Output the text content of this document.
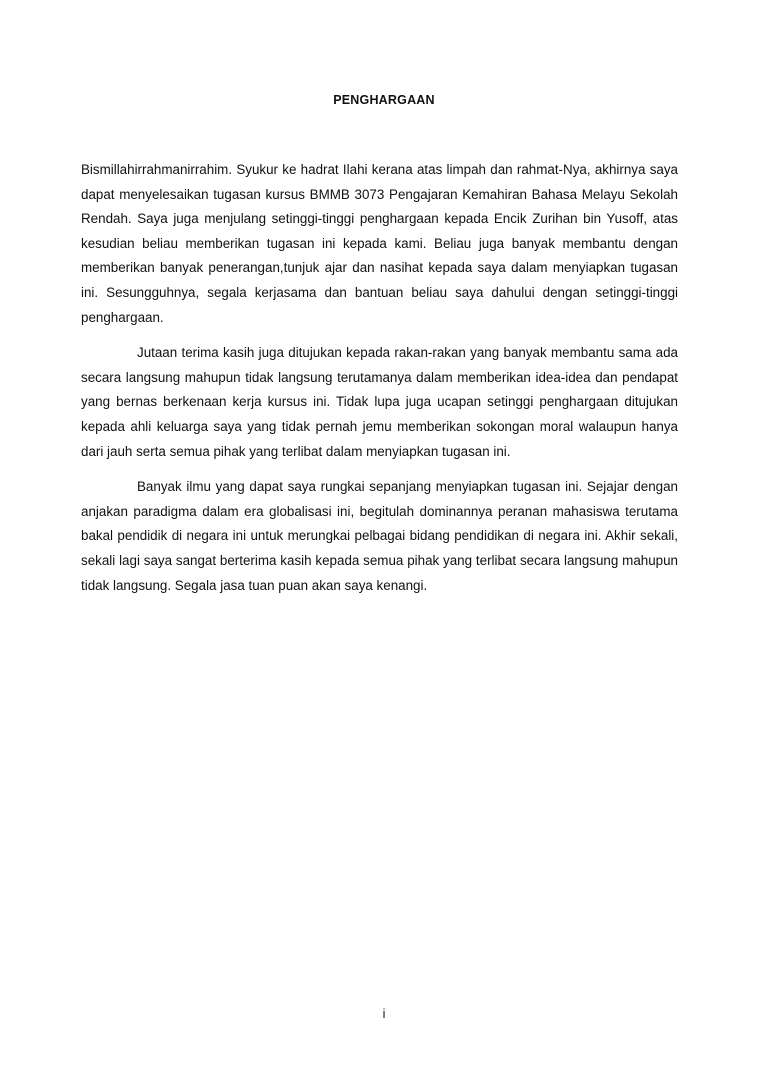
PENGHARGAAN

Bismillahirrahmanirrahim. Syukur ke hadrat Ilahi kerana atas limpah dan rahmat-Nya, akhirnya saya dapat menyelesaikan tugasan kursus BMMB 3073 Pengajaran Kemahiran Bahasa Melayu Sekolah Rendah. Saya juga menjulang setinggi-tinggi penghargaan kepada Encik Zurihan bin Yusoff, atas kesudian beliau memberikan tugasan ini kepada kami. Beliau juga banyak membantu dengan memberikan banyak penerangan,tunjuk ajar dan nasihat kepada saya dalam menyiapkan tugasan ini. Sesungguhnya, segala kerjasama dan bantuan beliau saya dahului dengan setinggi-tinggi penghargaan.

Jutaan terima kasih juga ditujukan kepada rakan-rakan yang banyak membantu sama ada secara langsung mahupun tidak langsung terutamanya dalam memberikan idea-idea dan pendapat yang bernas berkenaan kerja kursus ini. Tidak lupa juga ucapan setinggi penghargaan ditujukan kepada ahli keluarga saya yang tidak pernah jemu memberikan sokongan moral walaupun hanya dari jauh serta semua pihak yang terlibat dalam menyiapkan tugasan ini.

Banyak ilmu yang dapat saya rungkai sepanjang menyiapkan tugasan ini. Sejajar dengan anjakan paradigma dalam era globalisasi ini, begitulah dominannya peranan mahasiswa terutama bakal pendidik di negara ini untuk merungkai pelbagai bidang pendidikan di negara ini. Akhir sekali, sekali lagi saya sangat berterima kasih kepada semua pihak yang terlibat secara langsung mahupun tidak langsung. Segala jasa tuan puan akan saya kenangi.

i
